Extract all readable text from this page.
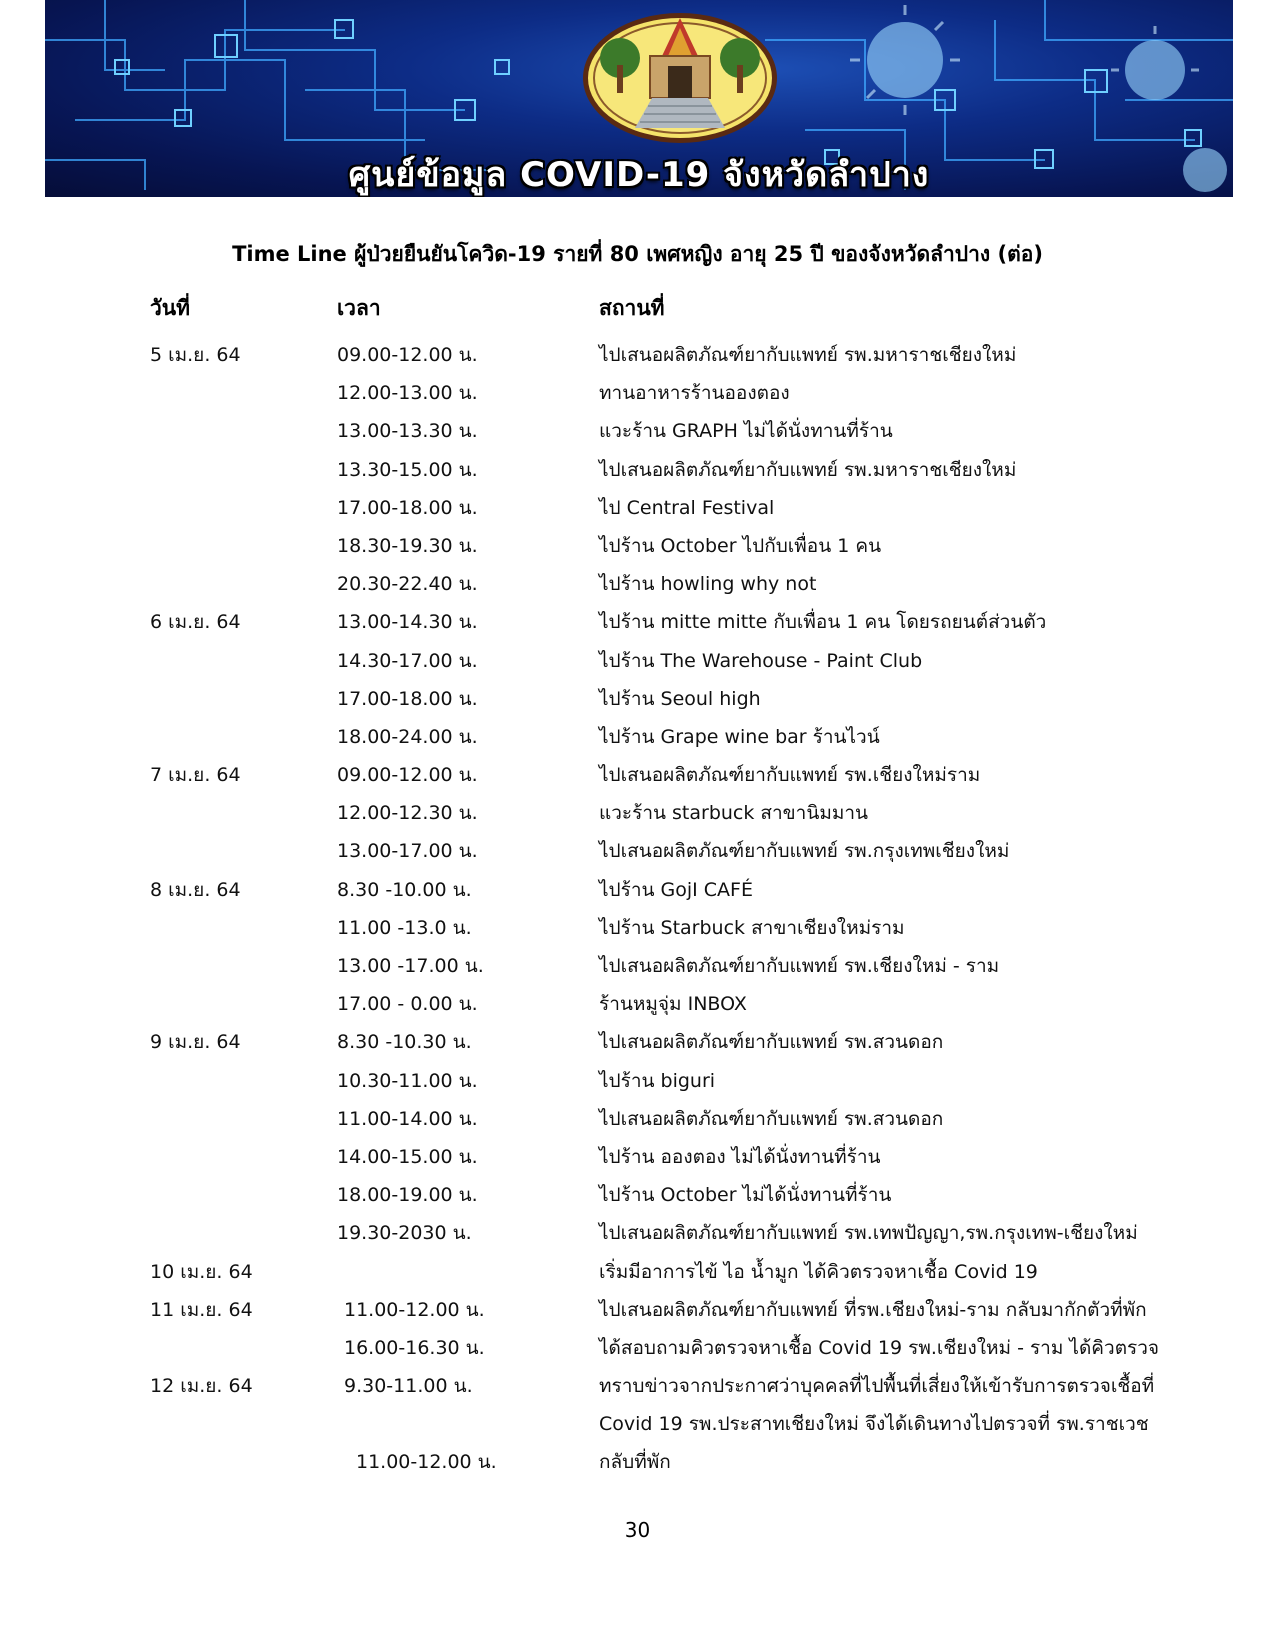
ศูนย์ข้อมูล COVID-19 จังหวัดลำปาง
Time Line ผู้ป่วยยืนยันโควิด-19 รายที่ 80 เพศหญิง อายุ 25 ปี ของจังหวัดลำปาง (ต่อ)
วันที่	เวลา	สถานที่
5 เม.ย. 64	09.00-12.00 น.	ไปเสนอผลิตภัณฑ์ยากับแพทย์ รพ.มหาราชเชียงใหม่
12.00-13.00 น.	ทานอาหารร้านอองตอง
13.00-13.30 น.	แวะร้าน GRAPH ไม่ได้นั่งทานที่ร้าน
13.30-15.00 น.	ไปเสนอผลิตภัณฑ์ยากับแพทย์ รพ.มหาราชเชียงใหม่
17.00-18.00 น.	ไป Central Festival
18.30-19.30 น.	ไปร้าน October ไปกับเพื่อน 1 คน
20.30-22.40 น.	ไปร้าน howling why not
6 เม.ย. 64	13.00-14.30 น.	ไปร้าน mitte mitte กับเพื่อน 1 คน โดยรถยนต์ส่วนตัว
14.30-17.00 น.	ไปร้าน The Warehouse - Paint Club
17.00-18.00 น.	ไปร้าน Seoul high
18.00-24.00 น.	ไปร้าน Grape wine bar ร้านไวน์
7 เม.ย. 64	09.00-12.00 น.	ไปเสนอผลิตภัณฑ์ยากับแพทย์ รพ.เชียงใหม่ราม
12.00-12.30 น.	แวะร้าน starbuck สาขานิมมาน
13.00-17.00 น.	ไปเสนอผลิตภัณฑ์ยากับแพทย์ รพ.กรุงเทพเชียงใหม่
8 เม.ย. 64	8.30 -10.00 น.	ไปร้าน GojI CAFÉ
11.00 -13.0 น.	ไปร้าน Starbuck สาขาเชียงใหม่ราม
13.00 -17.00 น.	ไปเสนอผลิตภัณฑ์ยากับแพทย์ รพ.เชียงใหม่ - ราม
17.00 - 0.00 น.	ร้านหมูจุ่ม INBOX
9 เม.ย. 64	8.30 -10.30 น.	ไปเสนอผลิตภัณฑ์ยากับแพทย์ รพ.สวนดอก
10.30-11.00 น.	ไปร้าน biguri
11.00-14.00 น.	ไปเสนอผลิตภัณฑ์ยากับแพทย์ รพ.สวนดอก
14.00-15.00 น.	ไปร้าน อองตอง ไม่ได้นั่งทานที่ร้าน
18.00-19.00 น.	ไปร้าน October ไม่ได้นั่งทานที่ร้าน
19.30-2030 น.	ไปเสนอผลิตภัณฑ์ยากับแพทย์ รพ.เทพปัญญา,รพ.กรุงเทพ-เชียงใหม่
10 เม.ย. 64	เริ่มมีอาการไข้ ไอ น้ำมูก ได้คิวตรวจหาเชื้อ Covid 19
11 เม.ย. 64	11.00-12.00 น.	ไปเสนอผลิตภัณฑ์ยากับแพทย์ ที่รพ.เชียงใหม่-ราม กลับมากักตัวที่พัก
16.00-16.30 น.	ได้สอบถามคิวตรวจหาเชื้อ Covid 19 รพ.เชียงใหม่ - ราม ได้คิวตรวจ
12 เม.ย. 64	9.30-11.00 น.	ทราบข่าวจากประกาศว่าบุคคลที่ไปพื้นที่เสี่ยงให้เข้ารับการตรวจเชื้อที่
Covid 19 รพ.ประสาทเชียงใหม่ จึงได้เดินทางไปตรวจที่ รพ.ราชเวช
11.00-12.00 น.	กลับที่พัก
30
